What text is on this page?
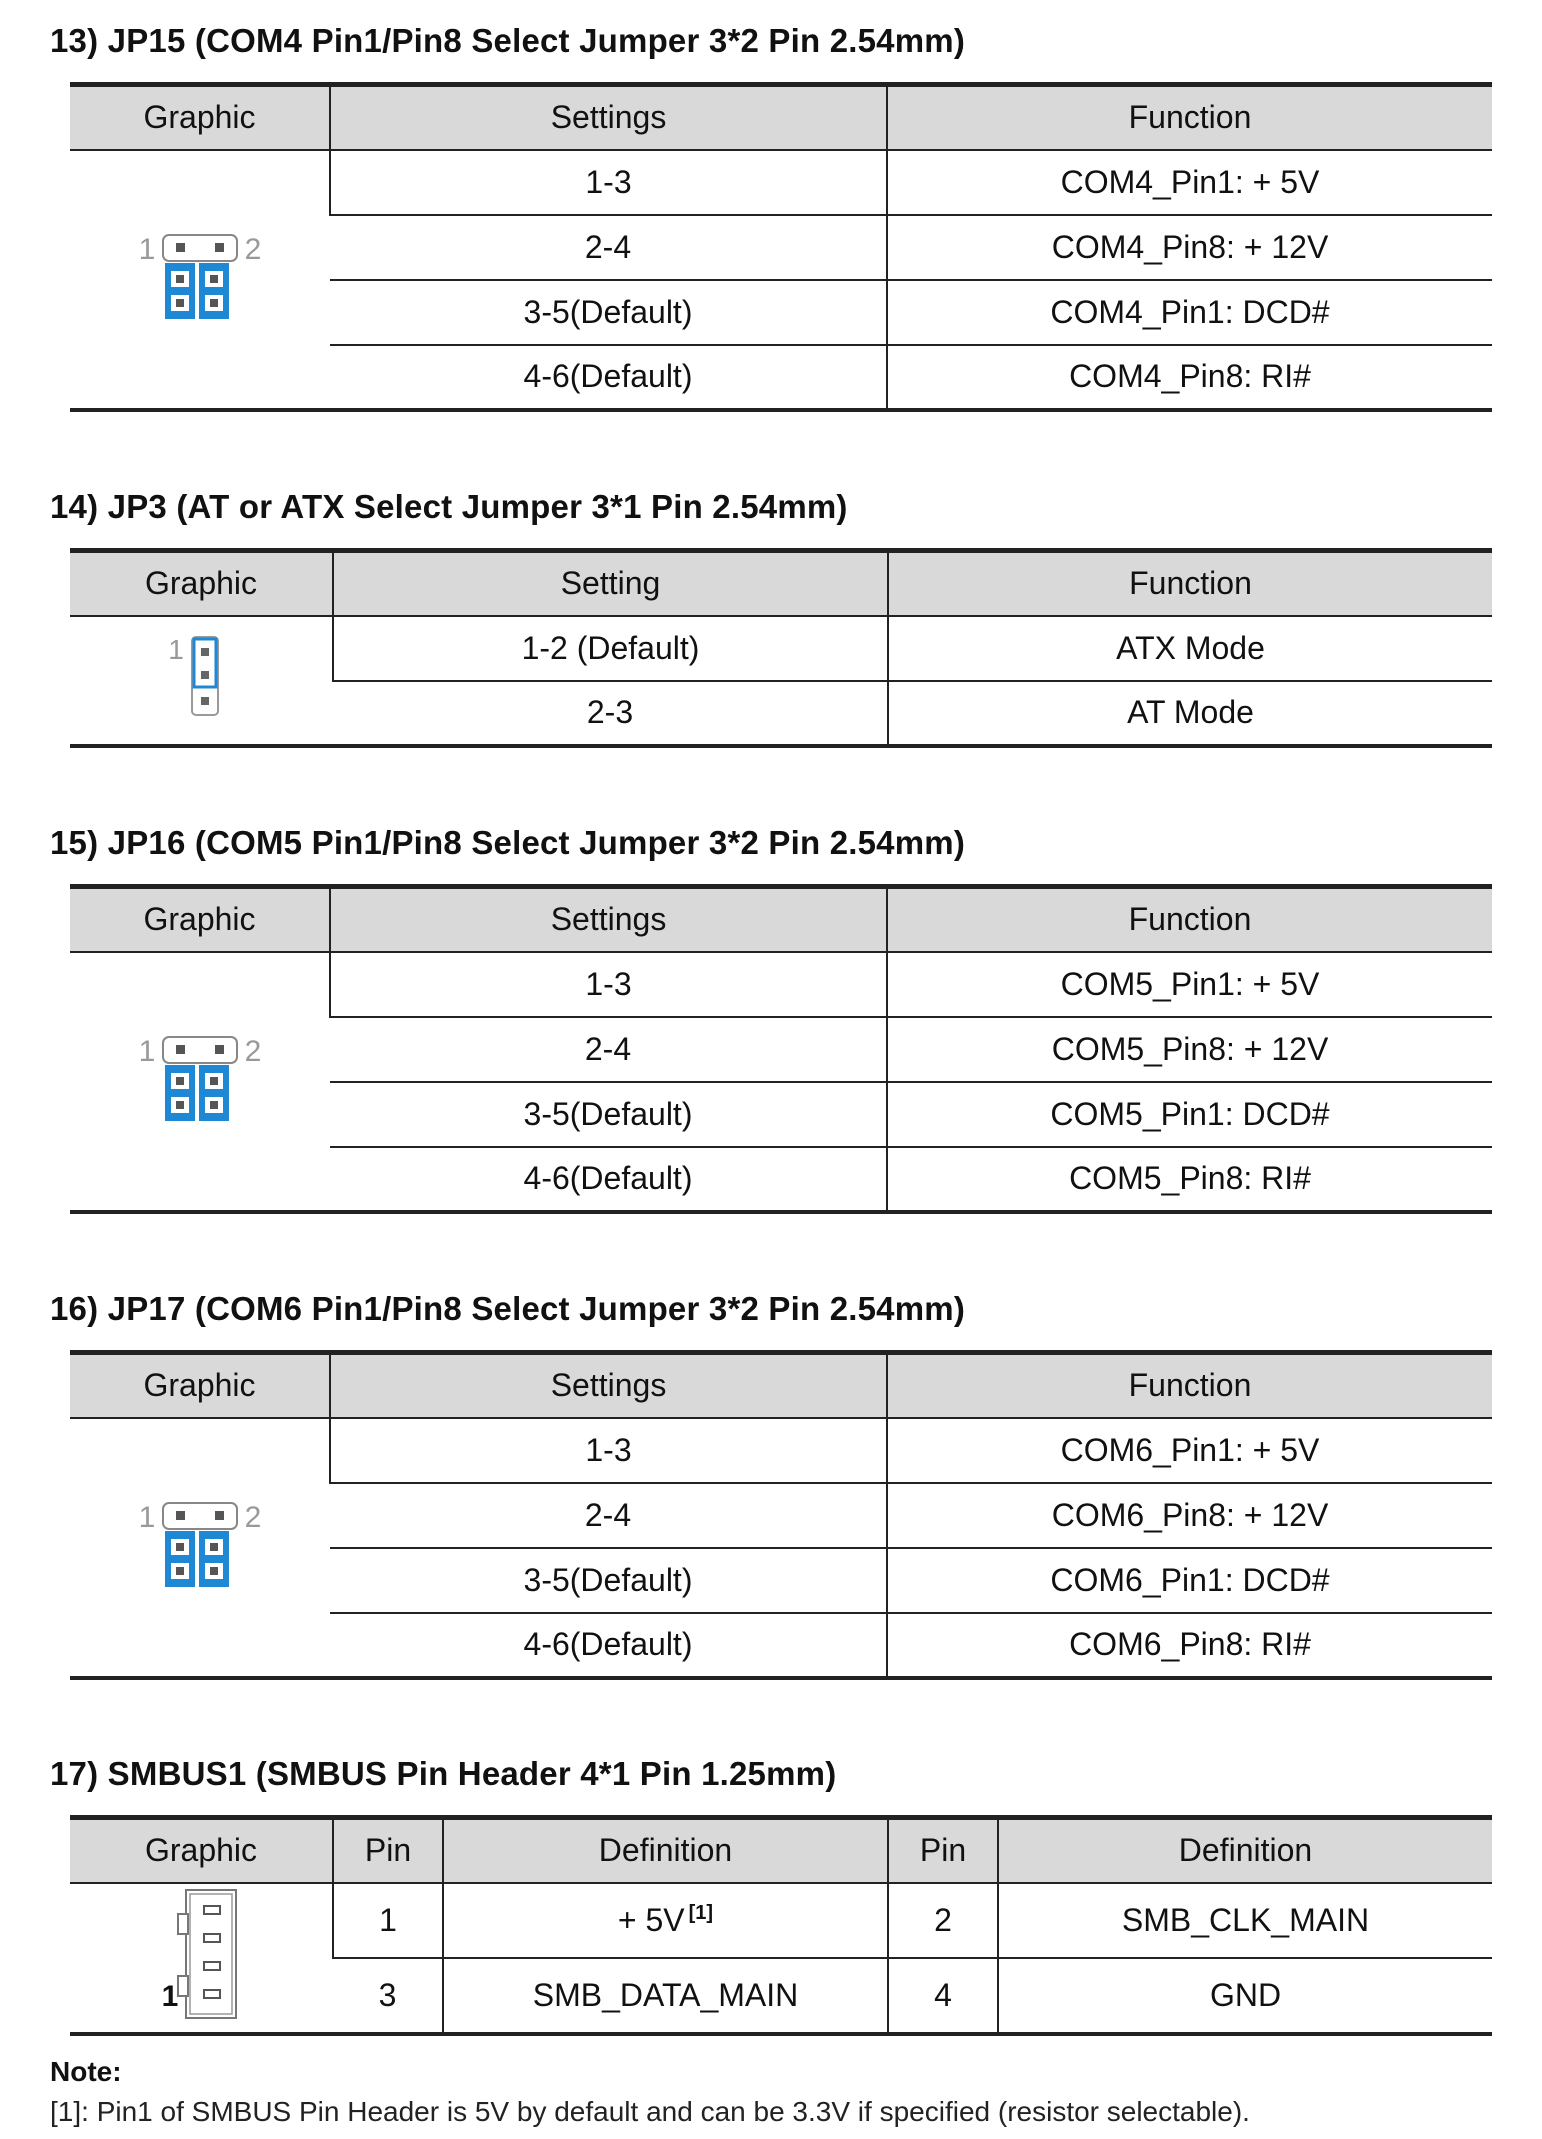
13) JP15 (COM4 Pin1/Pin8 Select Jumper 3*2 Pin 2.54mm)
Graphic	Settings	Function

1 2	1-3	COM4_Pin1: + 5V
	2-4	COM4_Pin8: + 12V
	3-5(Default)	COM4_Pin1: DCD#
	4-6(Default)	COM4_Pin8: RI#
14) JP3 (AT or ATX Select Jumper 3*1 Pin 2.54mm)
Graphic	Setting	Function

1	1-2 (Default)	ATX Mode
	2-3	AT Mode
15) JP16 (COM5 Pin1/Pin8 Select Jumper 3*2 Pin 2.54mm)
Graphic	Settings	Function

1 2	1-3	COM5_Pin1: + 5V
	2-4	COM5_Pin8: + 12V
	3-5(Default)	COM5_Pin1: DCD#
	4-6(Default)	COM5_Pin8: RI#
16) JP17 (COM6 Pin1/Pin8 Select Jumper 3*2 Pin 2.54mm)
Graphic	Settings	Function

1 2	1-3	COM6_Pin1: + 5V
	2-4	COM6_Pin8: + 12V
	3-5(Default)	COM6_Pin1: DCD#
	4-6(Default)	COM6_Pin8: RI#
17) SMBUS1 (SMBUS Pin Header 4*1 Pin 1.25mm)
Graphic	Pin	Definition	Pin	Definition

1	1	+ 5V [1]	2	SMB_CLK_MAIN
	3	SMB_DATA_MAIN	4	GND
Note:
[1]: Pin1 of SMBUS Pin Header is 5V by default and can be 3.3V if specified (resistor selectable).
